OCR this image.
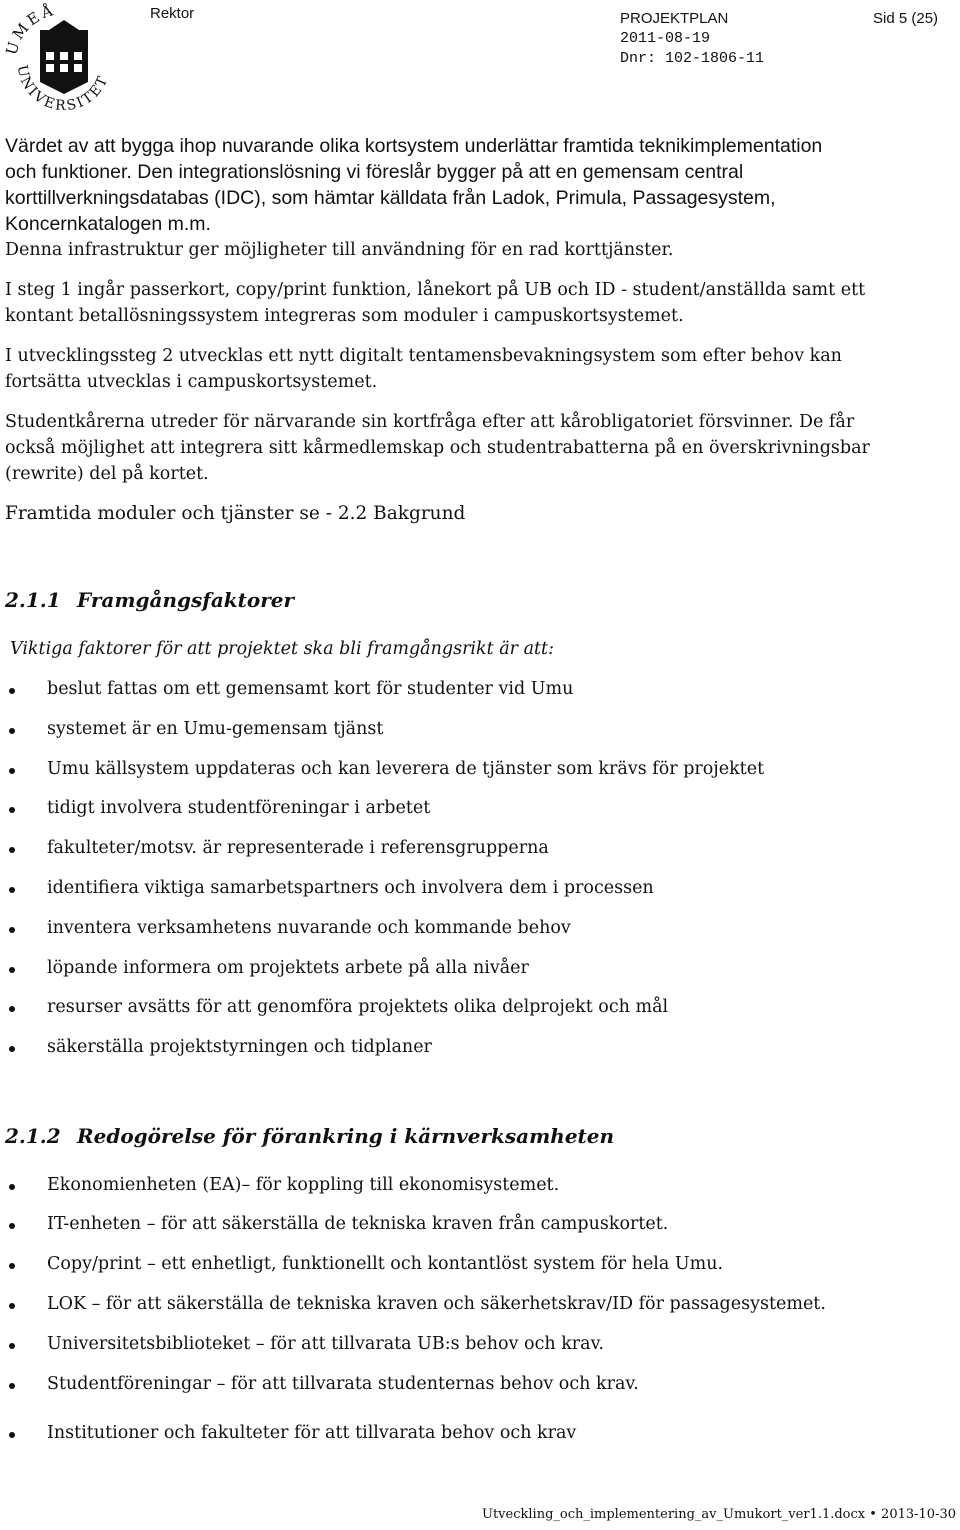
UMEÅ
UNIVERSITET
Rektor	PROJEKTPLAN
2011-08-19
Dnr: 102-1806-11
Sid 5 (25)
Värdet av att bygga ihop nuvarande olika kortsystem underlättar framtida teknikimplementation
och funktioner. Den integrationslösning vi föreslår bygger på att en gemensam central
korttillverkningsdatabas (IDC), som hämtar källdata från Ladok, Primula, Passagesystem,
Koncernkatalogen m.m.
Denna infrastruktur ger möjligheter till användning för en rad korttjänster.
I steg 1 ingår passerkort, copy/print funktion, lånekort på UB och ID - student/anställda samt ett
kontant betallösningssystem integreras som moduler i campuskortsystemet.
I utvecklingssteg 2 utvecklas ett nytt digitalt tentamensbevakningsystem som efter behov kan
fortsätta utvecklas i campuskortsystemet.
Studentkårerna utreder för närvarande sin kortfråga efter att kårobligatoriet försvinner. De får
också möjlighet att integrera sitt kårmedlemskap och studentrabatterna på en överskrivningsbar
(rewrite) del på kortet.
Framtida moduler och tjänster se - 2.2 Bakgrund
2.1.1 Framgångsfaktorer
Viktiga faktorer för att projektet ska bli framgångsrikt är att:
beslut fattas om ett gemensamt kort för studenter vid Umu
systemet är en Umu-gemensam tjänst
Umu källsystem uppdateras och kan leverera de tjänster som krävs för projektet
tidigt involvera studentföreningar i arbetet
fakulteter/motsv. är representerade i referensgrupperna
identifiera viktiga samarbetspartners och involvera dem i processen
inventera verksamhetens nuvarande och kommande behov
löpande informera om projektets arbete på alla nivåer
resurser avsätts för att genomföra projektets olika delprojekt och mål
säkerställa projektstyrningen och tidplaner
2.1.2 Redogörelse för förankring i kärnverksamheten
Ekonomienheten (EA)– för koppling till ekonomisystemet.
IT-enheten – för att säkerställa de tekniska kraven från campuskortet.
Copy/print – ett enhetligt, funktionellt och kontantlöst system för hela Umu.
LOK – för att säkerställa de tekniska kraven och säkerhetskrav/ID för passagesystemet.
Universitetsbiblioteket – för att tillvarata UB:s behov och krav.
Studentföreningar – för att tillvarata studenternas behov och krav.
Institutioner och fakulteter för att tillvarata behov och krav
Utveckling_och_implementering_av_Umukort_ver1.1.docx • 2013-10-30
